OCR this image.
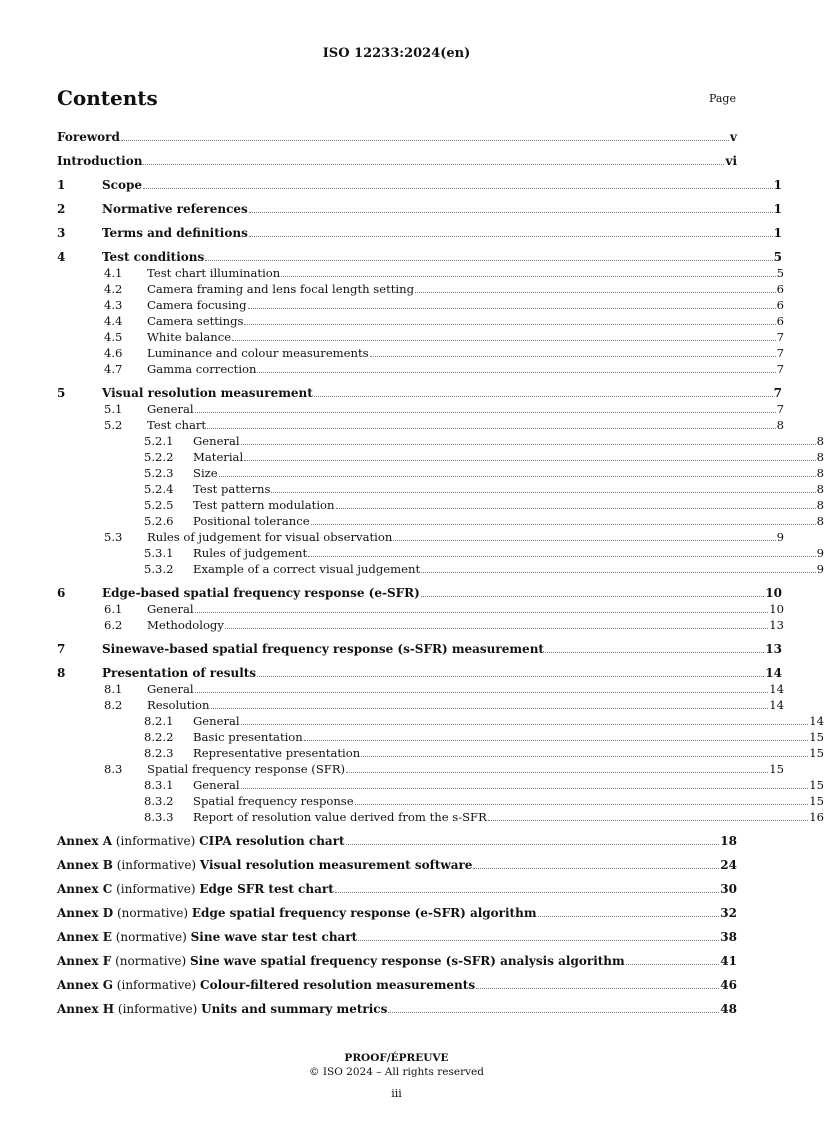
ISO 12233:2024(en)
Contents	Page
Foreword	v
Introduction	vi
1	Scope	1
2	Normative references	1
3	Terms and definitions	1
4	Test conditions	5
4.1	Test chart illumination	5
4.2	Camera framing and lens focal length setting	6
4.3	Camera focusing	6
4.4	Camera settings	6
4.5	White balance	7
4.6	Luminance and colour measurements	7
4.7	Gamma correction	7
5	Visual resolution measurement	7
5.1	General	7
5.2	Test chart	8
5.2.1	General	8
5.2.2	Material	8
5.2.3	Size	8
5.2.4	Test patterns	8
5.2.5	Test pattern modulation	8
5.2.6	Positional tolerance	8
5.3	Rules of judgement for visual observation	9
5.3.1	Rules of judgement	9
5.3.2	Example of a correct visual judgement	9
6	Edge-based spatial frequency response (e-SFR)	10
6.1	General	10
6.2	Methodology	13
7	Sinewave-based spatial frequency response (s-SFR) measurement	13
8	Presentation of results	14
8.1	General	14
8.2	Resolution	14
8.2.1	General	14
8.2.2	Basic presentation	15
8.2.3	Representative presentation	15
8.3	Spatial frequency response (SFR)	15
8.3.1	General	15
8.3.2	Spatial frequency response	15
8.3.3	Report of resolution value derived from the s-SFR	16
Annex A (informative) CIPA resolution chart	18
Annex B (informative) Visual resolution measurement software	24
Annex C (informative) Edge SFR test chart	30
Annex D (normative) Edge spatial frequency response (e-SFR) algorithm	32
Annex E (normative) Sine wave star test chart	38
Annex F (normative) Sine wave spatial frequency response (s-SFR) analysis algorithm	41
Annex G (informative) Colour-filtered resolution measurements	46
Annex H (informative) Units and summary metrics	48
PROOF/ÉPREUVE
© ISO 2024 – All rights reserved
iii
